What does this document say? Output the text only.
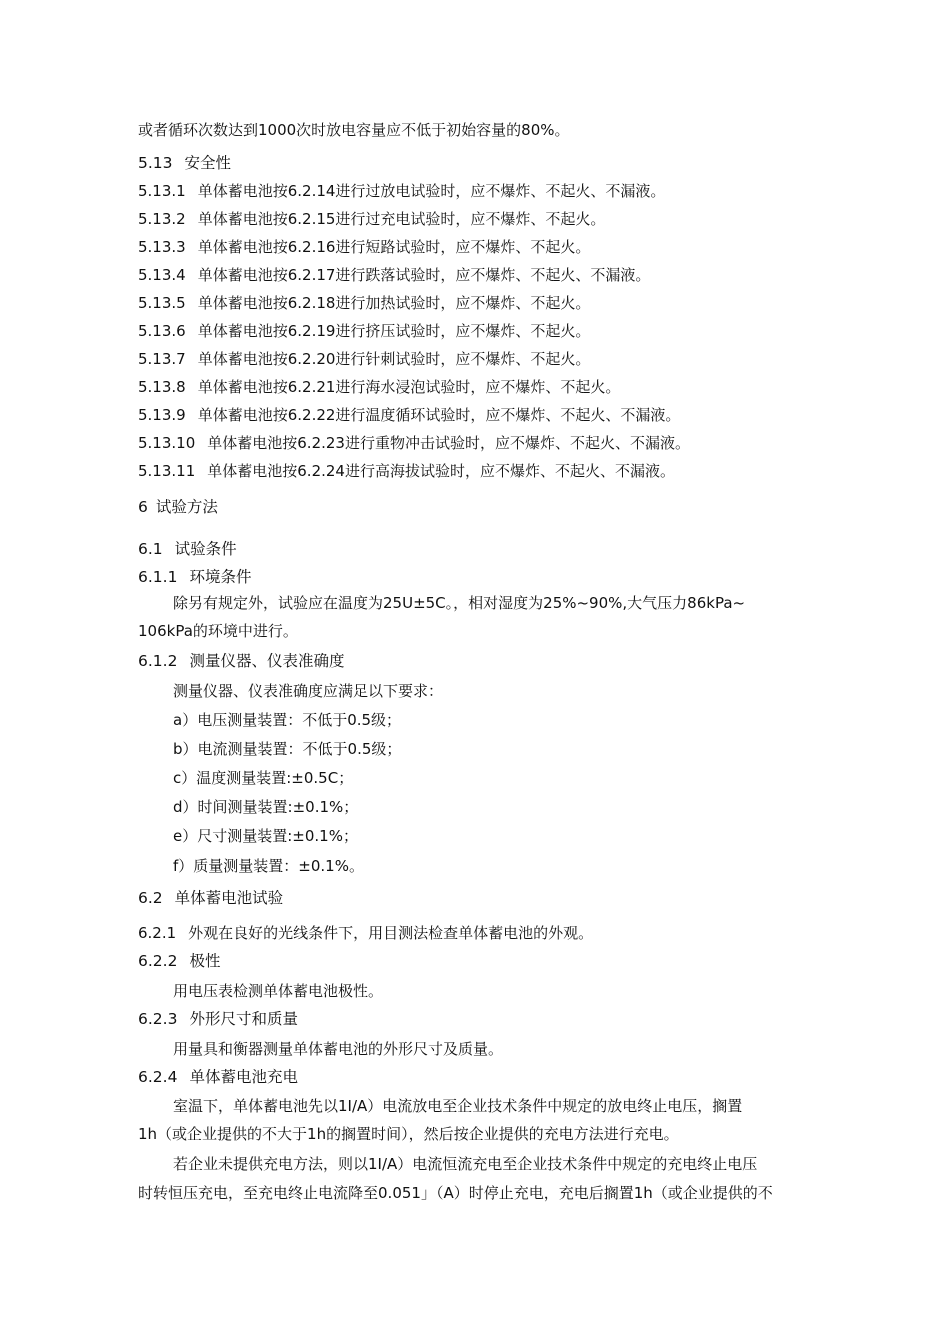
或者循环次数达到1000次时放电容量应不低于初始容量的80%。
5.13 安全性
5.13.1 单体蓄电池按6.2.14进行过放电试验时，应不爆炸、不起火、不漏液。
5.13.2 单体蓄电池按6.2.15进行过充电试验时，应不爆炸、不起火。
5.13.3 单体蓄电池按6.2.16进行短路试验时，应不爆炸、不起火。
5.13.4 单体蓄电池按6.2.17进行跌落试验时，应不爆炸、不起火、不漏液。
5.13.5 单体蓄电池按6.2.18进行加热试验时，应不爆炸、不起火。
5.13.6 单体蓄电池按6.2.19进行挤压试验时，应不爆炸、不起火。
5.13.7 单体蓄电池按6.2.20进行针刺试验时，应不爆炸、不起火。
5.13.8 单体蓄电池按6.2.21进行海水浸泡试验时，应不爆炸、不起火。
5.13.9 单体蓄电池按6.2.22进行温度循环试验时，应不爆炸、不起火、不漏液。
5.13.10 单体蓄电池按6.2.23进行重物冲击试验时，应不爆炸、不起火、不漏液。
5.13.11 单体蓄电池按6.2.24进行高海拔试验时，应不爆炸、不起火、不漏液。
6 试验方法
6.1 试验条件
6.1.1 环境条件
除另有规定外，试验应在温度为25U±5C。，相对湿度为25%~90%,大气压力86kPa~
106kPa的环境中进行。
6.1.2 测量仪器、仪表准确度
测量仪器、仪表准确度应满足以下要求：
a）电压测量装置：不低于0.5级；
b）电流测量装置：不低于0.5级；
c）温度测量装置:±0.5C；
d）时间测量装置:±0.1%；
e）尺寸测量装置:±0.1%；
f）质量测量装置：±0.1%。
6.2 单体蓄电池试验
6.2.1 外观在良好的光线条件下，用目测法检查单体蓄电池的外观。
6.2.2 极性
用电压表检测单体蓄电池极性。
6.2.3 外形尺寸和质量
用量具和衡器测量单体蓄电池的外形尺寸及质量。
6.2.4 单体蓄电池充电
室温下，单体蓄电池先以1I/A）电流放电至企业技术条件中规定的放电终止电压，搁置
1h（或企业提供的不大于1h的搁置时间），然后按企业提供的充电方法进行充电。
若企业未提供充电方法，则以1I/A）电流恒流充电至企业技术条件中规定的充电终止电压
时转恒压充电，至充电终止电流降至0.051」（A）时停止充电，充电后搁置1h（或企业提供的不
